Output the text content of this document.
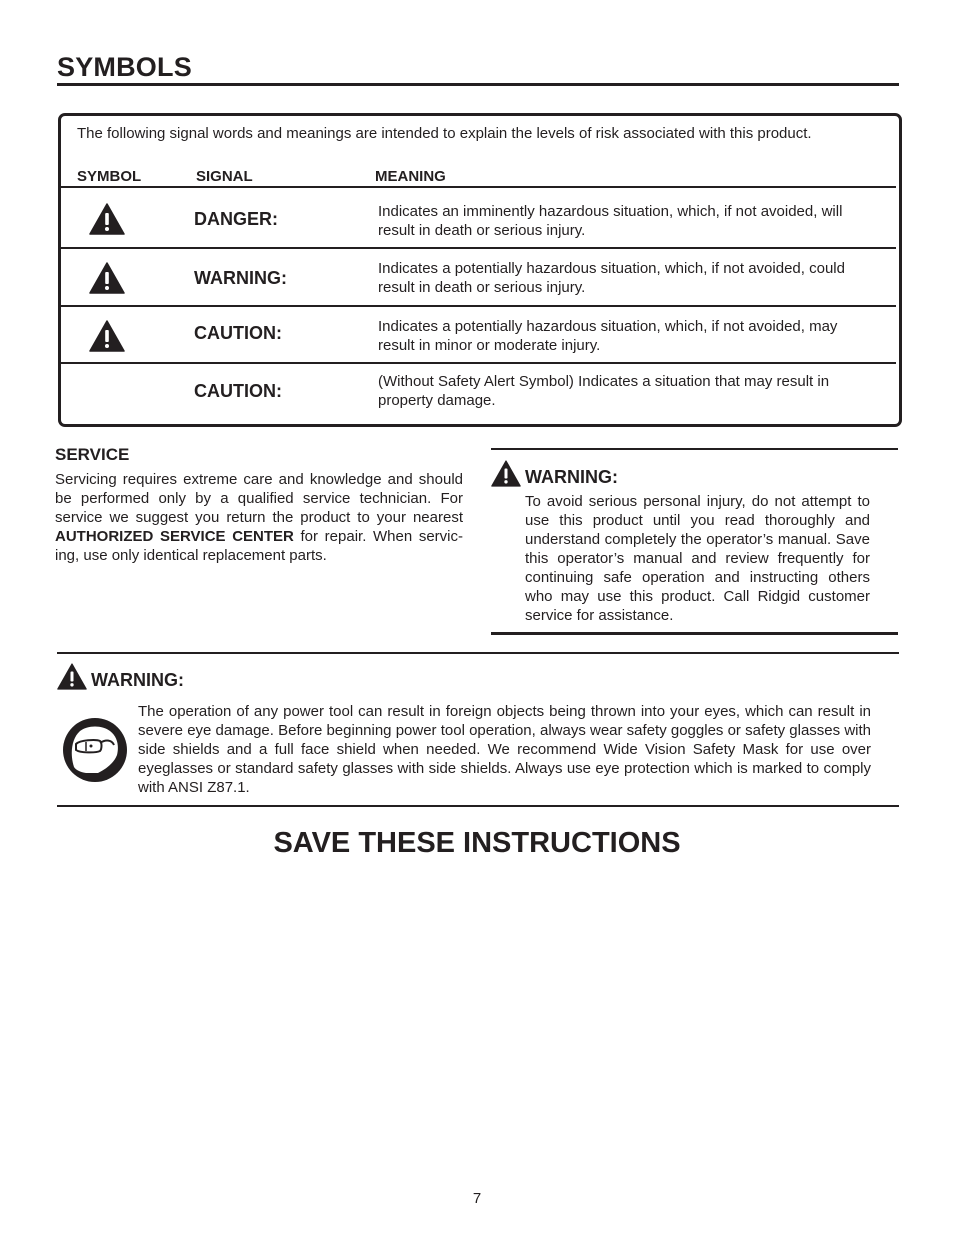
SYMBOLS
The following signal words and meanings are intended to explain the levels of risk associated with this product.
SYMBOL	SIGNAL	MEANING
DANGER:	Indicates an imminently hazardous situation, which, if not avoided, will result in death or serious injury.
WARNING:	Indicates a potentially hazardous situation, which, if not avoided, could result in death or serious injury.
CAUTION:	Indicates a potentially hazardous situation, which, if not avoided, may result in minor or moderate injury.
CAUTION:	(Without Safety Alert Symbol) Indicates a situation that may result in property damage.
SERVICE
Servicing requires extreme care and knowledge and should be performed only by a qualified service technician. For service we suggest you return the product to your nearest AUTHORIZED SERVICE CENTER for repair. When servic-ing, use only identical replacement parts.
WARNING:
To avoid serious personal injury, do not attempt to use this product until you read thoroughly and understand completely the operator’s manual. Save this operator’s manual and review frequently for continuing safe operation and instructing others who may use this product. Call Ridgid customer service for assistance.
WARNING:
The operation of any power tool can result in foreign objects being thrown into your eyes, which can result in severe eye damage. Before beginning power tool operation, always wear safety goggles or safety glasses with side shields and a full face shield when needed. We recommend Wide Vision Safety Mask for use over eyeglasses or standard safety glasses with side shields. Always use eye protection which is marked to comply with ANSI Z87.1.
SAVE THESE INSTRUCTIONS
7
